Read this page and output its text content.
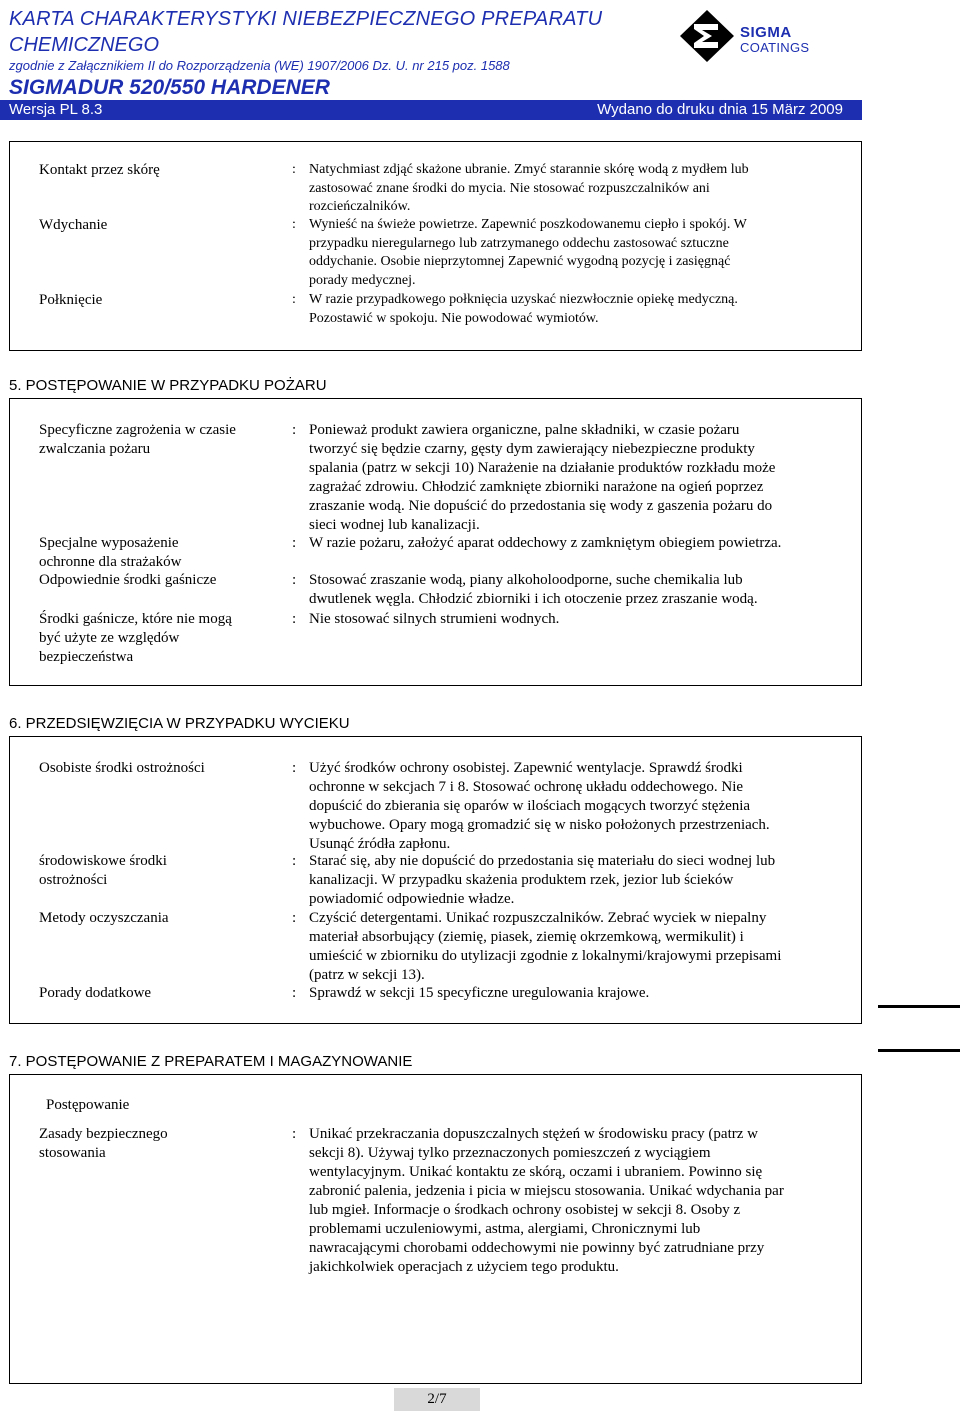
KARTA CHARAKTERYSTYKI NIEBEZPIECZNEGO PREPARATU
CHEMICZNEGO
zgodnie z Załącznikiem II do Rozporządzenia (WE) 1907/2006 Dz. U. nr 215 poz. 1588
SIGMADUR 520/550 HARDENER
Wersja PL 8.3	Wydano do druku dnia 15 März 2009
SIGMA
COATINGS
Kontakt przez skórę	: Natychmiast zdjąć skażone ubranie. Zmyć starannie skórę wodą z mydłem lub
zastosować znane środki do mycia. Nie stosować rozpuszczalników ani
rozcieńczalników.
Wdychanie	: Wynieść na świeże powietrze. Zapewnić poszkodowanemu ciepło i spokój. W
przypadku nieregularnego lub zatrzymanego oddechu zastosować sztuczne
oddychanie. Osobie nieprzytomnej Zapewnić wygodną pozycję i zasięgnąć
porady medycznej.
Połknięcie	: W razie przypadkowego połknięcia uzyskać niezwłocznie opiekę medyczną.
Pozostawić w spokoju. Nie powodować wymiotów.
5. POSTĘPOWANIE W PRZYPADKU POŻARU
Specyficzne zagrożenia w czasie
zwalczania pożaru
: Ponieważ produkt zawiera organiczne, palne składniki, w czasie pożaru
tworzyć się będzie czarny, gęsty dym zawierający niebezpieczne produkty
spalania (patrz w sekcji 10) Narażenie na działanie produktów rozkładu może
zagrażać zdrowiu. Chłodzić zamknięte zbiorniki narażone na ogień poprzez
zraszanie wodą. Nie dopuścić do przedostania się wody z gaszenia pożaru do
sieci wodnej lub kanalizacji.
Specjalne wyposażenie
ochronne dla strażaków
: W razie pożaru, założyć aparat oddechowy z zamkniętym obiegiem powietrza.
Odpowiednie środki gaśnicze	: Stosować zraszanie wodą, piany alkoholoodporne, suche chemikalia lub
dwutlenek węgla. Chłodzić zbiorniki i ich otoczenie przez zraszanie wodą.
Środki gaśnicze, które nie mogą
być użyte ze względów
bezpieczeństwa
: Nie stosować silnych strumieni wodnych.
6. PRZEDSIĘWZIĘCIA W PRZYPADKU WYCIEKU
Osobiste środki ostrożności	: Użyć środków ochrony osobistej. Zapewnić wentylacje. Sprawdź środki
ochronne w sekcjach 7 i 8. Stosować ochronę układu oddechowego. Nie
dopuścić do zbierania się oparów w ilościach mogących tworzyć stężenia
wybuchowe. Opary mogą gromadzić się w nisko położonych przestrzeniach.
Usunąć źródła zapłonu.
środowiskowe środki
ostrożności
: Starać się, aby nie dopuścić do przedostania się materiału do sieci wodnej lub
kanalizacji. W przypadku skażenia produktem rzek, jezior lub ścieków
powiadomić odpowiednie władze.
Metody oczyszczania	: Czyścić detergentami. Unikać rozpuszczalników. Zebrać wyciek w niepalny
materiał absorbujący (ziemię, piasek, ziemię okrzemkową, wermikulit) i
umieścić w zbiorniku do utylizacji zgodnie z lokalnymi/krajowymi przepisami
(patrz w sekcji 13).
Porady dodatkowe	: Sprawdź w sekcji 15 specyficzne uregulowania krajowe.
7. POSTĘPOWANIE Z PREPARATEM I MAGAZYNOWANIE
Postępowanie
Zasady bezpiecznego
stosowania
: Unikać przekraczania dopuszczalnych stężeń w środowisku pracy (patrz w
sekcji 8). Używaj tylko przeznaczonych pomieszczeń z wyciągiem
wentylacyjnym. Unikać kontaktu ze skórą, oczami i ubraniem. Powinno się
zabronić palenia, jedzenia i picia w miejscu stosowania. Unikać wdychania par
lub mgieł. Informacje o środkach ochrony osobistej w sekcji 8. Osoby z
problemami uczuleniowymi, astma, alergiami, Chronicznymi lub
nawracającymi chorobami oddechowymi nie powinny być zatrudniane przy
jakichkolwiek operacjach z użyciem tego produktu.
2/7
